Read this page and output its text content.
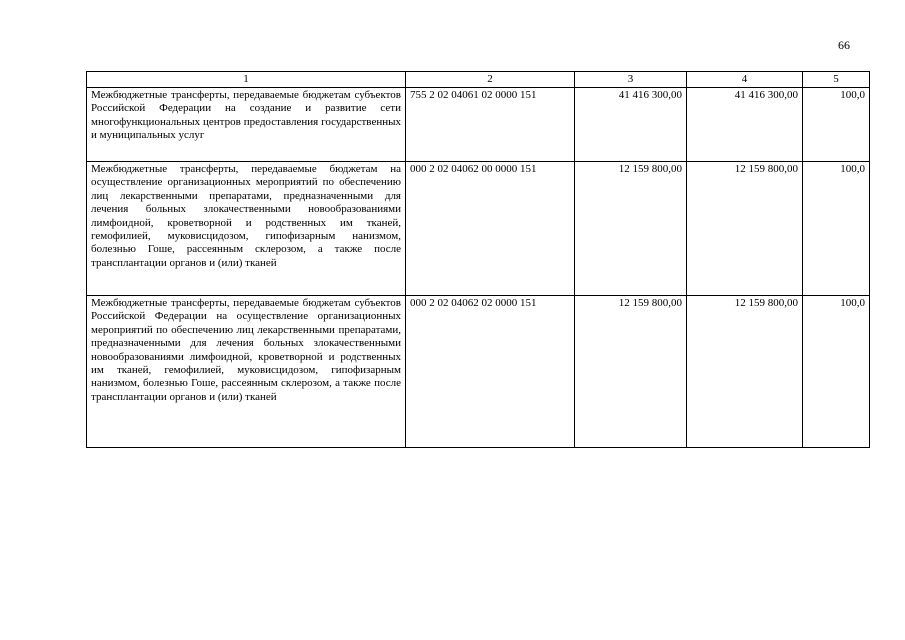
66
1	2	3	4	5
Межбюджетные трансферты, передаваемые бюджетам субъектов Российской Федерации на создание и развитие сети многофункциональных центров предоставления государственных и муниципальных услуг	755 2 02 04061 02 0000 151	41 416 300,00	41 416 300,00	100,0
Межбюджетные трансферты, передаваемые бюджетам на осуществление организационных мероприятий по обеспечению лиц лекарственными препаратами, предназначенными для лечения больных злокачественными новообразованиями лимфоидной, кроветворной и родственных им тканей, гемофилией, муковисцидозом, гипофизарным нанизмом, болезнью Гоше, рассеянным склерозом, а также после трансплантации органов и (или) тканей	000 2 02 04062 00 0000 151	12 159 800,00	12 159 800,00	100,0
Межбюджетные трансферты, передаваемые бюджетам субъектов Российской Федерации на осуществление организационных мероприятий по обеспечению лиц лекарственными препаратами, предназначенными для лечения больных злокачественными новообразованиями лимфоидной, кроветворной и родственных им тканей, гемофилией, муковисцидозом, гипофизарным нанизмом, болезнью Гоше, рассеянным склерозом, а также после трансплантации органов и (или) тканей	000 2 02 04062 02 0000 151	12 159 800,00	12 159 800,00	100,0
